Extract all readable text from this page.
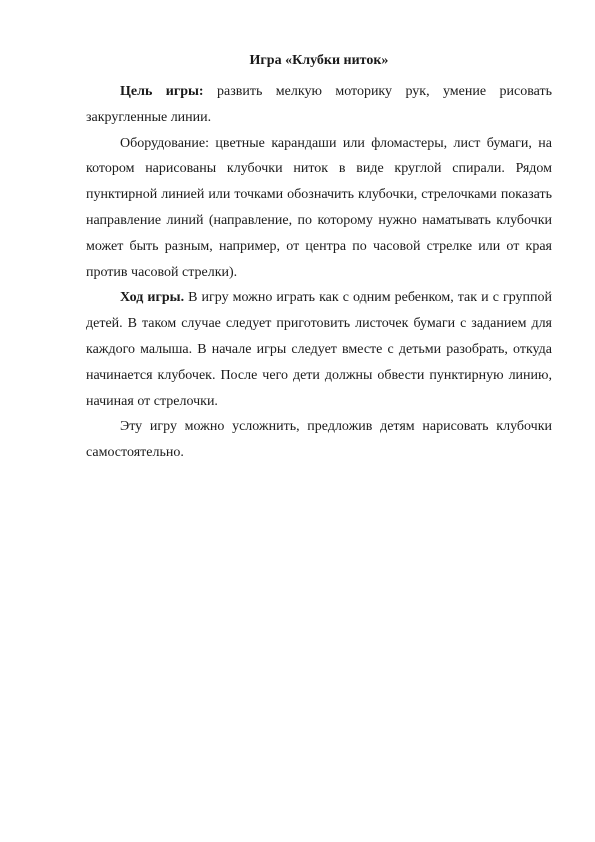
Игра «Клубки ниток»

Цель игры: развить мелкую моторику рук, умение рисовать закругленные линии.

Оборудование: цветные карандаши или фломастеры, лист бумаги, на котором нарисованы клубочки ниток в виде круглой спирали. Рядом пунктирной линией или точками обозначить клубочки, стрелочками показать направление линий (направление, по которому нужно наматывать клубочки может быть разным, например, от центра по часовой стрелке или от края против часовой стрелки).

Ход игры. В игру можно играть как с одним ребенком, так и с группой детей. В таком случае следует приготовить листочек бумаги с заданием для каждого малыша. В начале игры следует вместе с детьми разобрать, откуда начинается клубочек. После чего дети должны обвести пунктирную линию, начиная от стрелочки.

Эту игру можно усложнить, предложив детям нарисовать клубочки самостоятельно.
